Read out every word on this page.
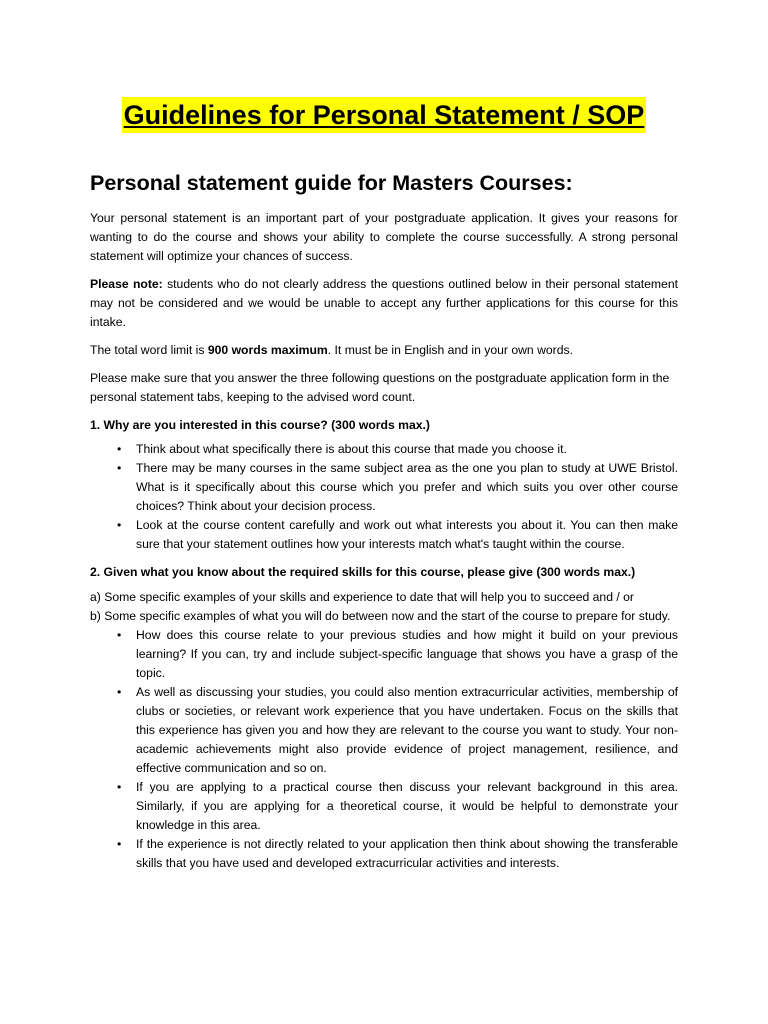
Guidelines for Personal Statement / SOP
Personal statement guide for Masters Courses:

Your personal statement is an important part of your postgraduate application. It gives your reasons for wanting to do the course and shows your ability to complete the course successfully. A strong personal statement will optimize your chances of success.

Please note: students who do not clearly address the questions outlined below in their personal statement may not be considered and we would be unable to accept any further applications for this course for this intake.

The total word limit is 900 words maximum. It must be in English and in your own words.

Please make sure that you answer the three following questions on the postgraduate application form in the personal statement tabs, keeping to the advised word count.

1. Why are you interested in this course? (300 words max.)

• Think about what specifically there is about this course that made you choose it.
• There may be many courses in the same subject area as the one you plan to study at UWE Bristol. What is it specifically about this course which you prefer and which suits you over other course choices? Think about your decision process.
• Look at the course content carefully and work out what interests you about it. You can then make sure that your statement outlines how your interests match what's taught within the course.

2. Given what you know about the required skills for this course, please give (300 words max.)

a) Some specific examples of your skills and experience to date that will help you to succeed and / or

b) Some specific examples of what you will do between now and the start of the course to prepare for study.

• How does this course relate to your previous studies and how might it build on your previous learning? If you can, try and include subject-specific language that shows you have a grasp of the topic.
• As well as discussing your studies, you could also mention extracurricular activities, membership of clubs or societies, or relevant work experience that you have undertaken. Focus on the skills that this experience has given you and how they are relevant to the course you want to study. Your non-academic achievements might also provide evidence of project management, resilience, and effective communication and so on.
• If you are applying to a practical course then discuss your relevant background in this area. Similarly, if you are applying for a theoretical course, it would be helpful to demonstrate your knowledge in this area.
• If the experience is not directly related to your application then think about showing the transferable skills that you have used and developed extracurricular activities and interests.
